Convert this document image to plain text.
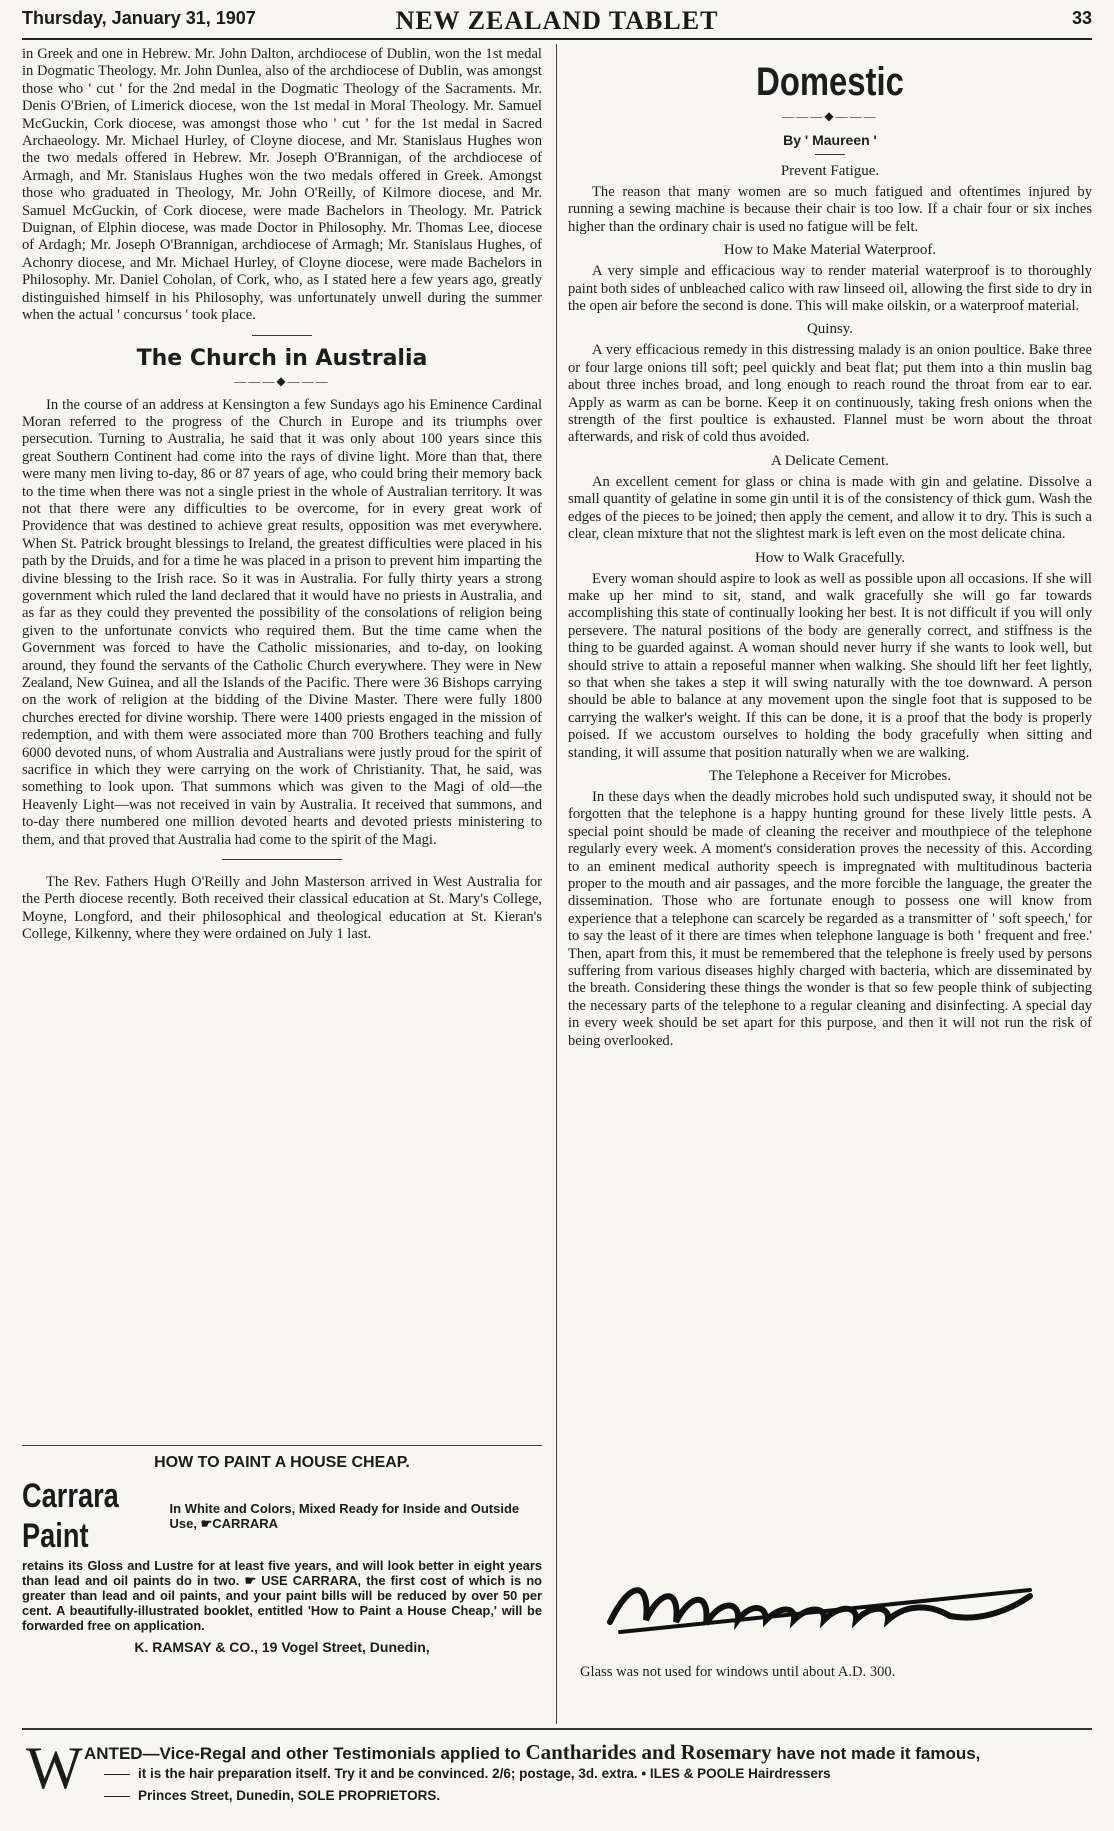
Thursday, January 31, 1907	NEW ZEALAND TABLET	33

in Greek and one in Hebrew. Mr. John Dalton, archdiocese of Dublin, won the 1st medal in Dogmatic Theology. Mr. John Dunlea, also of the archdiocese of Dublin, was amongst those who ' cut ' for the 2nd medal in the Dogmatic Theology of the Sacraments. Mr. Denis O'Brien, of Limerick diocese, won the 1st medal in Moral Theology. Mr. Samuel McGuckin, Cork diocese, was amongst those who ' cut ' for the 1st medal in Sacred Archaeology. Mr. Michael Hurley, of Cloyne diocese, and Mr. Stanislaus Hughes won the two medals offered in Hebrew. Mr. Joseph O'Brannigan, of the archdiocese of Armagh, and Mr. Stanislaus Hughes won the two medals offered in Greek. Amongst those who graduated in Theology, Mr. John O'Reilly, of Kilmore diocese, and Mr. Samuel McGuckin, of Cork diocese, were made Bachelors in Theology. Mr. Patrick Duignan, of Elphin diocese, was made Doctor in Philosophy. Mr. Thomas Lee, diocese of Ardagh; Mr. Joseph O'Brannigan, archdiocese of Armagh; Mr. Stanislaus Hughes, of Achonry diocese, and Mr. Michael Hurley, of Cloyne diocese, were made Bachelors in Philosophy. Mr. Daniel Coholan, of Cork, who, as I stated here a few years ago, greatly distinguished himself in his Philosophy, was unfortunately unwell during the summer when the actual ' concursus ' took place.

The Church in Australia
———◆———

In the course of an address at Kensington a few Sundays ago his Eminence Cardinal Moran referred to the progress of the Church in Europe and its triumphs over persecution. Turning to Australia, he said that it was only about 100 years since this great Southern Continent had come into the rays of divine light. More than that, there were many men living to-day, 86 or 87 years of age, who could bring their memory back to the time when there was not a single priest in the whole of Australian territory. It was not that there were any difficulties to be overcome, for in every great work of Providence that was destined to achieve great results, opposition was met everywhere. When St. Patrick brought blessings to Ireland, the greatest difficulties were placed in his path by the Druids, and for a time he was placed in a prison to prevent him imparting the divine blessing to the Irish race. So it was in Australia. For fully thirty years a strong government which ruled the land declared that it would have no priests in Australia, and as far as they could they prevented the possibility of the consolations of religion being given to the unfortunate convicts who required them. But the time came when the Government was forced to have the Catholic missionaries, and to-day, on looking around, they found the servants of the Catholic Church everywhere. They were in New Zealand, New Guinea, and all the Islands of the Pacific. There were 36 Bishops carrying on the work of religion at the bidding of the Divine Master. There were fully 1800 churches erected for divine worship. There were 1400 priests engaged in the mission of redemption, and with them were associated more than 700 Brothers teaching and fully 6000 devoted nuns, of whom Australia and Australians were justly proud for the spirit of sacrifice in which they were carrying on the work of Christianity. That, he said, was something to look upon. That summons which was given to the Magi of old—the Heavenly Light—was not received in vain by Australia. It received that summons, and to-day there numbered one million devoted hearts and devoted priests ministering to them, and that proved that Australia had come to the spirit of the Magi.

The Rev. Fathers Hugh O'Reilly and John Masterson arrived in West Australia for the Perth diocese recently. Both received their classical education at St. Mary's College, Moyne, Longford, and their philosophical and theological education at St. Kieran's College, Kilkenny, where they were ordained on July 1 last.

HOW TO PAINT A HOUSE CHEAP.
Carrara Paint
In White and Colors, Mixed Ready for Inside and Outside Use, ☛CARRARA
retains its Gloss and Lustre for at least five years, and will look better in eight years than lead and oil paints do in two. ☛ USE CARRARA, the first cost of which is no greater than lead and oil paints, and your paint bills will be reduced by over 50 per cent. A beautifully-illustrated booklet, entitled 'How to Paint a House Cheap,' will be forwarded free on application.
K. RAMSAY & CO., 19 Vogel Street, Dunedin,
Domestic
———◆———
By ' Maureen '
Prevent Fatigue.

The reason that many women are so much fatigued and oftentimes injured by running a sewing machine is because their chair is too low. If a chair four or six inches higher than the ordinary chair is used no fatigue will be felt.

How to Make Material Waterproof.

A very simple and efficacious way to render material waterproof is to thoroughly paint both sides of unbleached calico with raw linseed oil, allowing the first side to dry in the open air before the second is done. This will make oilskin, or a waterproof material.

Quinsy.

A very efficacious remedy in this distressing malady is an onion poultice. Bake three or four large onions till soft; peel quickly and beat flat; put them into a thin muslin bag about three inches broad, and long enough to reach round the throat from ear to ear. Apply as warm as can be borne. Keep it on continuously, taking fresh onions when the strength of the first poultice is exhausted. Flannel must be worn about the throat afterwards, and risk of cold thus avoided.

A Delicate Cement.

An excellent cement for glass or china is made with gin and gelatine. Dissolve a small quantity of gelatine in some gin until it is of the consistency of thick gum. Wash the edges of the pieces to be joined; then apply the cement, and allow it to dry. This is such a clear, clean mixture that not the slightest mark is left even on the most delicate china.

How to Walk Gracefully.

Every woman should aspire to look as well as possible upon all occasions. If she will make up her mind to sit, stand, and walk gracefully she will go far towards accomplishing this state of continually looking her best. It is not difficult if you will only persevere. The natural positions of the body are generally correct, and stiffness is the thing to be guarded against. A woman should never hurry if she wants to look well, but should strive to attain a reposeful manner when walking. She should lift her feet lightly, so that when she takes a step it will swing naturally with the toe downward. A person should be able to balance at any movement upon the single foot that is supposed to be carrying the walker's weight. If this can be done, it is a proof that the body is properly poised. If we accustom ourselves to holding the body gracefully when sitting and standing, it will assume that position naturally when we are walking.

The Telephone a Receiver for Microbes.

In these days when the deadly microbes hold such undisputed sway, it should not be forgotten that the telephone is a happy hunting ground for these lively little pests. A special point should be made of cleaning the receiver and mouthpiece of the telephone regularly every week. A moment's consideration proves the necessity of this. According to an eminent medical authority speech is impregnated with multitudinous bacteria proper to the mouth and air passages, and the more forcible the language, the greater the dissemination. Those who are fortunate enough to possess one will know from experience that a telephone can scarcely be regarded as a transmitter of ' soft speech,' for to say the least of it there are times when telephone language is both ' frequent and free.' Then, apart from this, it must be remembered that the telephone is freely used by persons suffering from various diseases highly charged with bacteria, which are disseminated by the breath. Considering these things the wonder is that so few people think of subjecting the necessary parts of the telephone to a regular cleaning and disinfecting. A special day in every week should be set apart for this purpose, and then it will not run the risk of being overlooked.

Glass was not used for windows until about A.D. 300.
W ANTED—Vice-Regal and other Testimonials applied to Cantharides and Rosemary have not made it famous,
it is the hair preparation itself. Try it and be convinced. 2/6; postage, 3d. extra. • ILES & POOLE Hairdressers
Princes Street, Dunedin, SOLE PROPRIETORS.
